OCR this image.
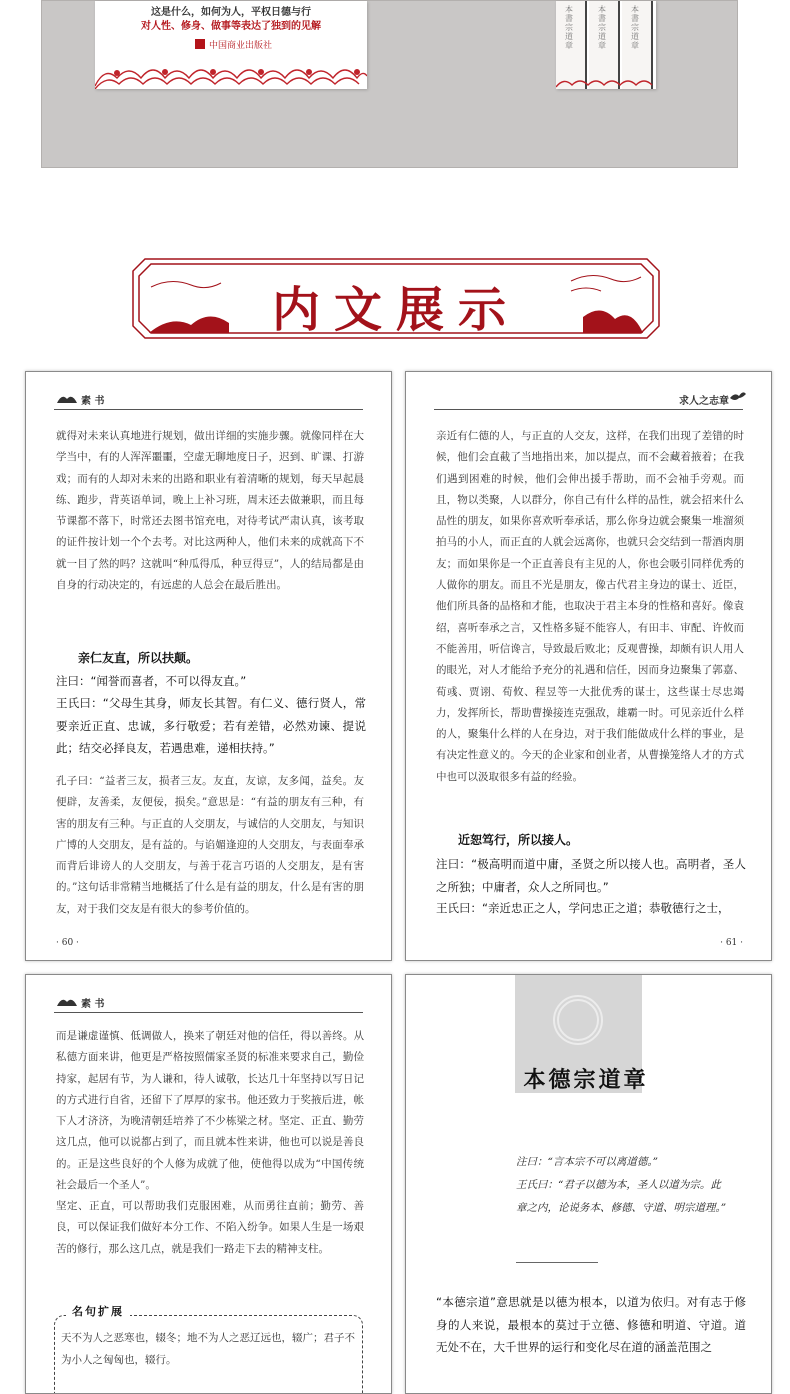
这是什么，如何为人，平权日德与行
对人性、修身、做事等表达了独到的见解
中国商业出版社
本書宗道章
本書宗道章
本書宗道章
内文展示
素 书
就得对未来认真地进行规划，做出详细的实施步骤。就像同样在大学当中，有的人浑浑噩噩，空虚无聊地度日子，迟到、旷课、打游戏；而有的人却对未来的出路和职业有着清晰的规划，每天早起晨练、跑步，背英语单词，晚上上补习班，周末还去做兼职，而且每节课都不落下，时常还去图书馆充电，对待考试严肃认真，该考取的证件按计划一个个去考。对比这两种人，他们未来的成就高下不就一目了然的吗？这就叫“种瓜得瓜，种豆得豆”，人的结局都是由自身的行动决定的，有远虑的人总会在最后胜出。
亲仁友直，所以扶颠。
注曰：“闻誉而喜者，不可以得友直。”
王氏曰：“父母生其身，师友长其智。有仁义、德行贤人，常要亲近正直、忠诚，多行敬爱；若有差错，必然劝谏、提说此；结交必择良友，若遇患难，递相扶持。”
孔子曰：“益者三友，损者三友。友直，友谅，友多闻，益矣。友便辟，友善柔，友便佞，损矣。”意思是：“有益的朋友有三种，有害的朋友有三种。与正直的人交朋友，与诚信的人交朋友，与知识广博的人交朋友，是有益的。与谄媚逢迎的人交朋友，与表面奉承而背后诽谤人的人交朋友，与善于花言巧语的人交朋友，是有害的。”这句话非常精当地概括了什么是有益的朋友，什么是有害的朋友，对于我们交友是有很大的参考价值的。
· 60 ·
求人之志章
亲近有仁德的人，与正直的人交友，这样，在我们出现了差错的时候，他们会直截了当地指出来，加以提点，而不会藏着掖着；在我们遇到困难的时候，他们会伸出援手帮助，而不会袖手旁观。而且，物以类聚，人以群分，你自己有什么样的品性，就会招来什么品性的朋友，如果你喜欢听奉承话，那么你身边就会聚集一堆溜须拍马的小人，而正直的人就会远离你，也就只会交结到一帮酒肉朋友；而如果你是一个正直善良有主见的人，你也会吸引同样优秀的人做你的朋友。而且不光是朋友，像古代君主身边的谋士、近臣，他们所具备的品格和才能，也取决于君主本身的性格和喜好。像袁绍，喜听奉承之言，又性格多疑不能容人，有田丰、审配、许攸而不能善用，听信谗言，导致最后败北；反观曹操，却颇有识人用人的眼光，对人才能给予充分的礼遇和信任，因而身边聚集了郭嘉、荀彧、贾诩、荀攸、程昱等一大批优秀的谋士，这些谋士尽忠竭力，发挥所长，帮助曹操接连克强敌，雄霸一时。可见亲近什么样的人，聚集什么样的人在身边，对于我们能做成什么样的事业，是有决定性意义的。今天的企业家和创业者，从曹操笼络人才的方式中也可以汲取很多有益的经验。
近恕笃行，所以接人。
注曰：“极高明而道中庸，圣贤之所以接人也。高明者，圣人之所独；中庸者，众人之所同也。”
王氏曰：“亲近忠正之人，学问忠正之道；恭敬德行之士，
· 61 ·
素 书
而是谦虚谨慎、低调做人，换来了朝廷对他的信任，得以善终。从私德方面来讲，他更是严格按照儒家圣贤的标准来要求自己，勤俭持家，起居有节，为人谦和，待人诚敬，长达几十年坚持以写日记的方式进行自省，还留下了厚厚的家书。他还致力于奖掖后进，帐下人才济济，为晚清朝廷培养了不少栋梁之材。坚定、正直、勤劳这几点，他可以说都占到了，而且就本性来讲，他也可以说是善良的。正是这些良好的个人修为成就了他，使他得以成为“中国传统社会最后一个圣人”。
坚定、正直，可以帮助我们克服困难，从而勇往直前；勤劳、善良，可以保证我们做好本分工作、不陷入纷争。如果人生是一场艰苦的修行，那么这几点，就是我们一路走下去的精神支柱。
名句扩展
天不为人之恶寒也，辍冬；地不为人之恶辽远也，辍广；君子不为小人之匈匈也，辍行。
本德宗道章
注曰：“言本宗不可以离道德。”
王氏曰：“君子以德为本，圣人以道为宗。此章之内，论说务本、修德、守道、明宗道理。”
“本德宗道”意思就是以德为根本，以道为依归。对有志于修身的人来说，最根本的莫过于立德、修德和明道、守道。道无处不在，大千世界的运行和变化尽在道的涵盖范围之
